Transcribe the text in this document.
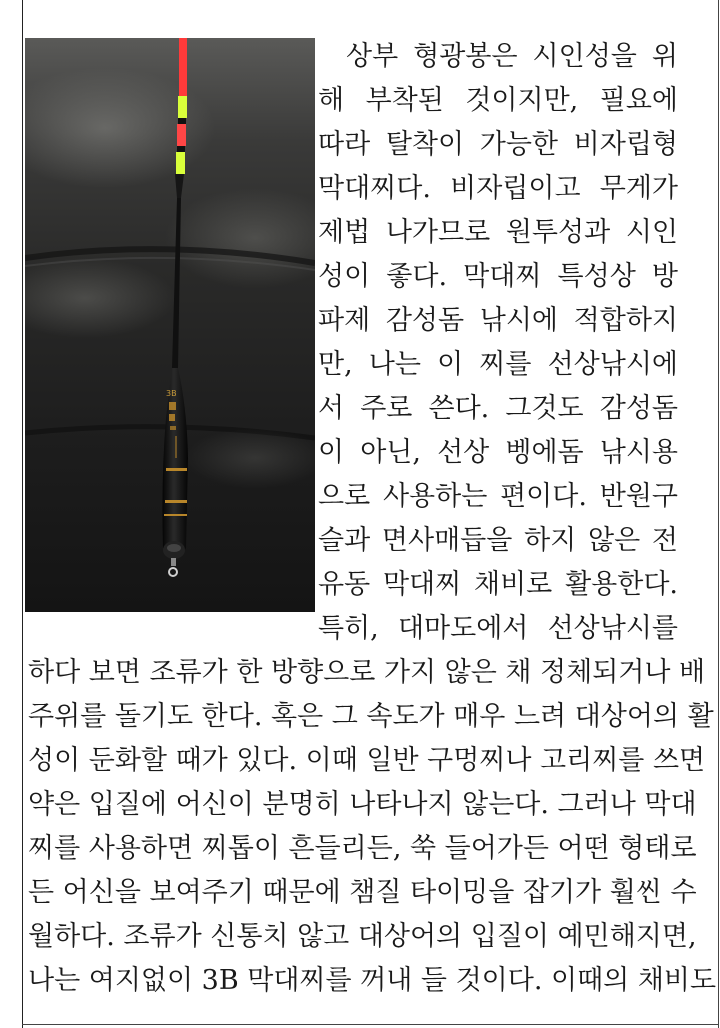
3B
상부 형광봉은 시인성을 위
해 부착된 것이지만, 필요에
따라 탈착이 가능한 비자립형
막대찌다. 비자립이고 무게가
제법 나가므로 원투성과 시인
성이 좋다. 막대찌 특성상 방
파제 감성돔 낚시에 적합하지
만, 나는 이 찌를 선상낚시에
서 주로 쓴다. 그것도 감성돔
이 아닌, 선상 벵에돔 낚시용
으로 사용하는 편이다. 반원구
슬과 면사매듭을 하지 않은 전
유동 막대찌 채비로 활용한다.
특히, 대마도에서 선상낚시를
하다 보면 조류가 한 방향으로 가지 않은 채 정체되거나 배
주위를 돌기도 한다. 혹은 그 속도가 매우 느려 대상어의 활
성이 둔화할 때가 있다. 이때 일반 구멍찌나 고리찌를 쓰면
약은 입질에 어신이 분명히 나타나지 않는다. 그러나 막대
찌를 사용하면 찌톱이 흔들리든, 쑥 들어가든 어떤 형태로
든 어신을 보여주기 때문에 챔질 타이밍을 잡기가 훨씬 수
월하다. 조류가 신통치 않고 대상어의 입질이 예민해지면,
나는 여지없이 3B 막대찌를 꺼내 들 것이다. 이때의 채비도
